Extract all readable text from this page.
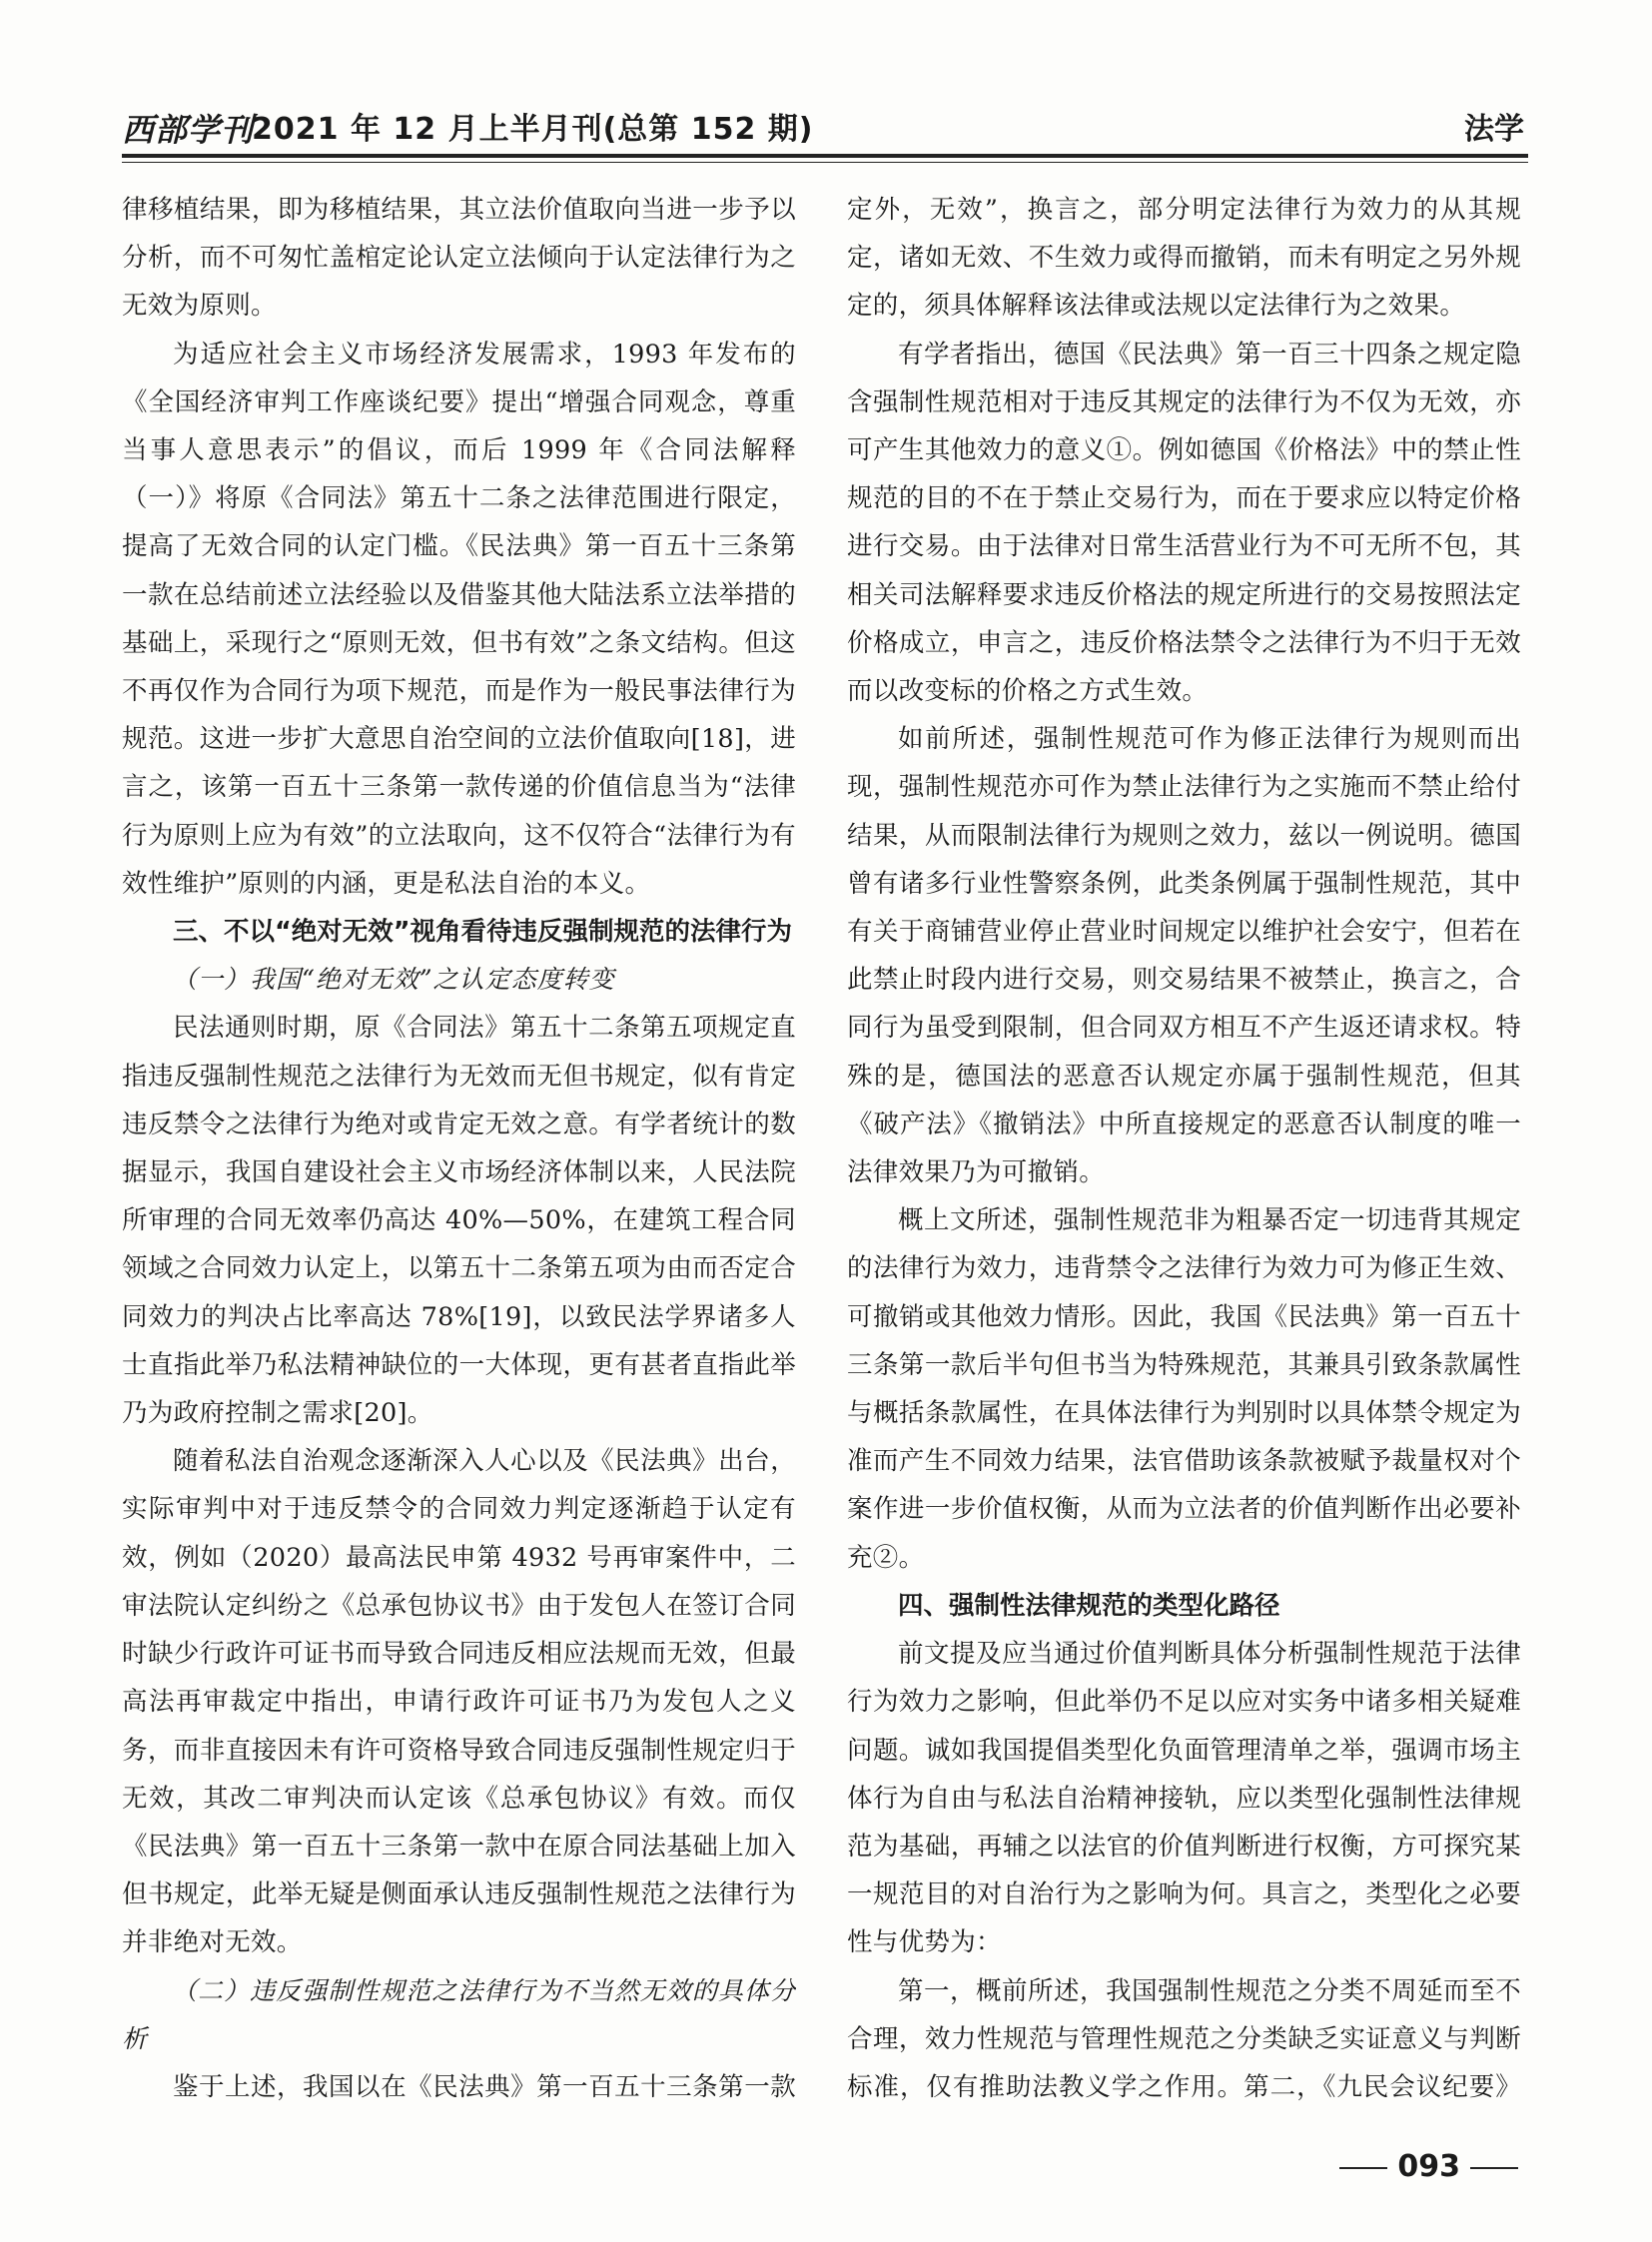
西部学刊
2021 年 12 月上半月刊(总第 152 期)	法学

律移植结果，即为移植结果，其立法价值取向当进一步予以分析，而不可匆忙盖棺定论认定立法倾向于认定法律行为之无效为原则。

为适应社会主义市场经济发展需求，1993 年发布的《全国经济审判工作座谈纪要》提出“增强合同观念，尊重当事人意思表示”的倡议，而后 1999 年《合同法解释（一）》将原《合同法》第五十二条之法律范围进行限定，提高了无效合同的认定门槛。《民法典》第一百五十三条第一款在总结前述立法经验以及借鉴其他大陆法系立法举措的基础上，采现行之“原则无效，但书有效”之条文结构。但这不再仅作为合同行为项下规范，而是作为一般民事法律行为规范。这进一步扩大意思自治空间的立法价值取向[18]，进言之，该第一百五十三条第一款传递的价值信息当为“法律行为原则上应为有效”的立法取向，这不仅符合“法律行为有效性维护”原则的内涵，更是私法自治的本义。

三、不以“绝对无效”视角看待违反强制规范的法律行为

（一）我国“绝对无效”之认定态度转变

民法通则时期，原《合同法》第五十二条第五项规定直指违反强制性规范之法律行为无效而无但书规定，似有肯定违反禁令之法律行为绝对或肯定无效之意。有学者统计的数据显示，我国自建设社会主义市场经济体制以来，人民法院所审理的合同无效率仍高达 40%—50%，在建筑工程合同领域之合同效力认定上，以第五十二条第五项为由而否定合同效力的判决占比率高达 78%[19]，以致民法学界诸多人士直指此举乃私法精神缺位的一大体现，更有甚者直指此举乃为政府控制之需求[20]。

随着私法自治观念逐渐深入人心以及《民法典》出台，实际审判中对于违反禁令的合同效力判定逐渐趋于认定有效，例如（2020）最高法民申第 4932 号再审案件中，二审法院认定纠纷之《总承包协议书》由于发包人在签订合同时缺少行政许可证书而导致合同违反相应法规而无效，但最高法再审裁定中指出，申请行政许可证书乃为发包人之义务，而非直接因未有许可资格导致合同违反强制性规定归于无效，其改二审判决而认定该《总承包协议》有效。而仅《民法典》第一百五十三条第一款中在原合同法基础上加入但书规定，此举无疑是侧面承认违反强制性规范之法律行为并非绝对无效。

（二）违反强制性规范之法律行为不当然无效的具体分析

鉴于上述，我国以在《民法典》第一百五十三条第一款

定外，无效”，换言之，部分明定法律行为效力的从其规定，诸如无效、不生效力或得而撤销，而未有明定之另外规定的，须具体解释该法律或法规以定法律行为之效果。

有学者指出，德国《民法典》第一百三十四条之规定隐含强制性规范相对于违反其规定的法律行为不仅为无效，亦可产生其他效力的意义①。例如德国《价格法》中的禁止性规范的目的不在于禁止交易行为，而在于要求应以特定价格进行交易。由于法律对日常生活营业行为不可无所不包，其相关司法解释要求违反价格法的规定所进行的交易按照法定价格成立，申言之，违反价格法禁令之法律行为不归于无效而以改变标的价格之方式生效。

如前所述，强制性规范可作为修正法律行为规则而出现，强制性规范亦可作为禁止法律行为之实施而不禁止给付结果，从而限制法律行为规则之效力，兹以一例说明。德国曾有诸多行业性警察条例，此类条例属于强制性规范，其中有关于商铺营业停止营业时间规定以维护社会安宁，但若在此禁止时段内进行交易，则交易结果不被禁止，换言之，合同行为虽受到限制，但合同双方相互不产生返还请求权。特殊的是，德国法的恶意否认规定亦属于强制性规范，但其《破产法》《撤销法》中所直接规定的恶意否认制度的唯一法律效果乃为可撤销。

概上文所述，强制性规范非为粗暴否定一切违背其规定的法律行为效力，违背禁令之法律行为效力可为修正生效、可撤销或其他效力情形。因此，我国《民法典》第一百五十三条第一款后半句但书当为特殊规范，其兼具引致条款属性与概括条款属性，在具体法律行为判别时以具体禁令规定为准而产生不同效力结果，法官借助该条款被赋予裁量权对个案作进一步价值权衡，从而为立法者的价值判断作出必要补充②。

四、强制性法律规范的类型化路径

前文提及应当通过价值判断具体分析强制性规范于法律行为效力之影响，但此举仍不足以应对实务中诸多相关疑难问题。诚如我国提倡类型化负面管理清单之举，强调市场主体行为自由与私法自治精神接轨，应以类型化强制性法律规范为基础，再辅之以法官的价值判断进行权衡，方可探究某一规范目的对自治行为之影响为何。具言之，类型化之必要性与优势为：

第一，概前所述，我国强制性规范之分类不周延而至不合理，效力性规范与管理性规范之分类缺乏实证意义与判断标准，仅有推助法教义学之作用。第二，《九民会议纪要》

093
